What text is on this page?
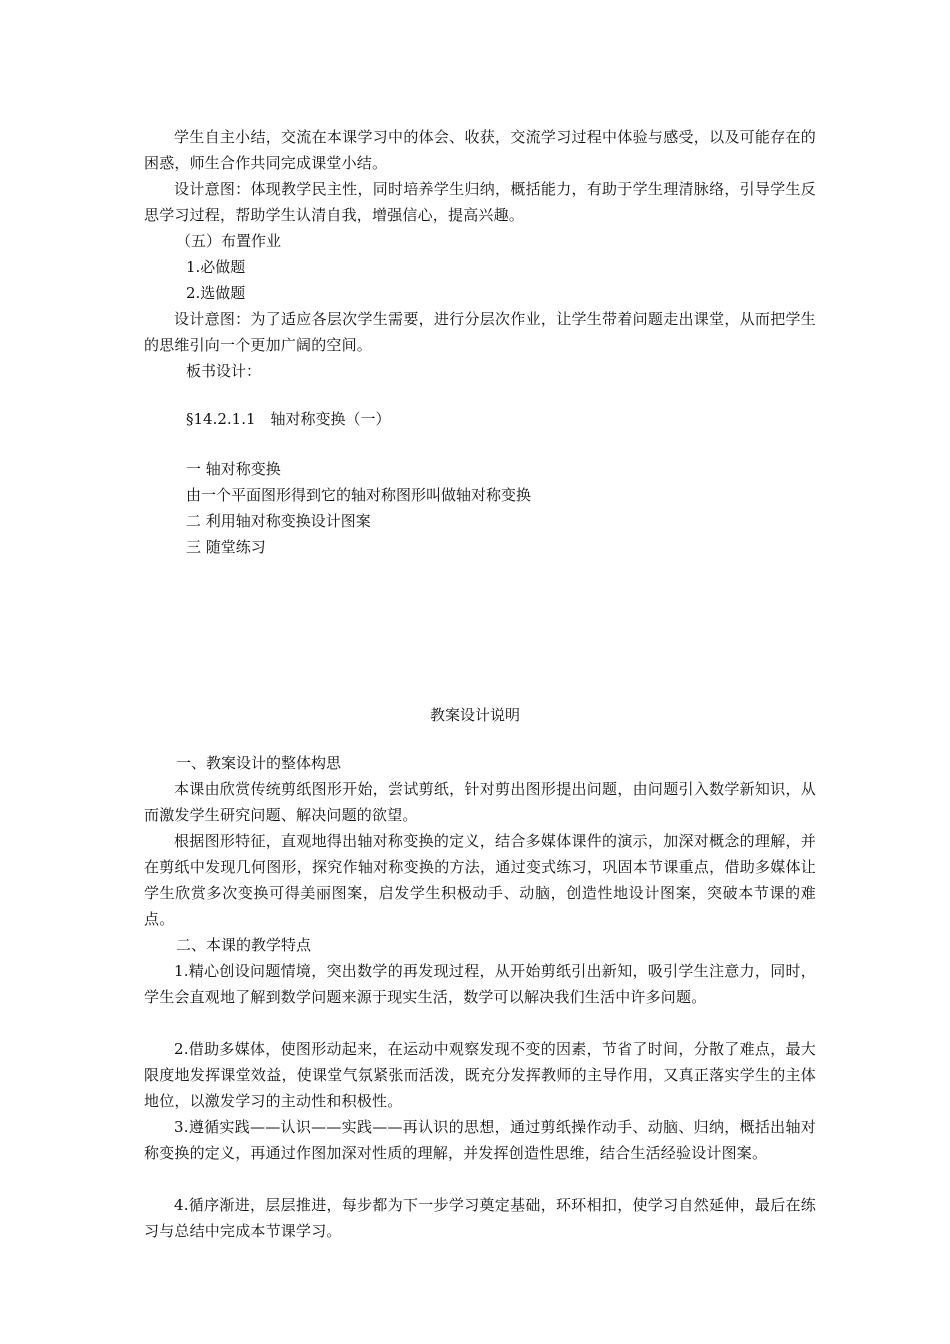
学生自主小结，交流在本课学习中的体会、收获，交流学习过程中体验与感受，以及可能存在的困惑，师生合作共同完成课堂小结。

设计意图：体现教学民主性，同时培养学生归纳，概括能力，有助于学生理清脉络，引导学生反思学习过程，帮助学生认清自我，增强信心，提高兴趣。

（五）布置作业

1.必做题

2.选做题

设计意图：为了适应各层次学生需要，进行分层次作业，让学生带着问题走出课堂，从而把学生的思维引向一个更加广阔的空间。

板书设计：

§14.2.1.1　轴对称变换（一）

一 轴对称变换

由一个平面图形得到它的轴对称图形叫做轴对称变换

二 利用轴对称变换设计图案

三 随堂练习

教案设计说明

一、教案设计的整体构思

本课由欣赏传统剪纸图形开始，尝试剪纸，针对剪出图形提出问题，由问题引入数学新知识，从而激发学生研究问题、解决问题的欲望。

根据图形特征，直观地得出轴对称变换的定义，结合多媒体课件的演示，加深对概念的理解，并在剪纸中发现几何图形，探究作轴对称变换的方法，通过变式练习，巩固本节课重点，借助多媒体让学生欣赏多次变换可得美丽图案，启发学生积极动手、动脑，创造性地设计图案，突破本节课的难点。

二、本课的教学特点

1.精心创设问题情境，突出数学的再发现过程，从开始剪纸引出新知，吸引学生注意力，同时，学生会直观地了解到数学问题来源于现实生活，数学可以解决我们生活中许多问题。

2.借助多媒体，使图形动起来，在运动中观察发现不变的因素，节省了时间，分散了难点，最大限度地发挥课堂效益，使课堂气氛紧张而活泼，既充分发挥教师的主导作用，又真正落实学生的主体地位，以激发学习的主动性和积极性。

3.遵循实践——认识——实践——再认识的思想，通过剪纸操作动手、动脑、归纳，概括出轴对称变换的定义，再通过作图加深对性质的理解，并发挥创造性思维，结合生活经验设计图案。

4.循序渐进，层层推进，每步都为下一步学习奠定基础，环环相扣，使学习自然延伸，最后在练习与总结中完成本节课学习。
